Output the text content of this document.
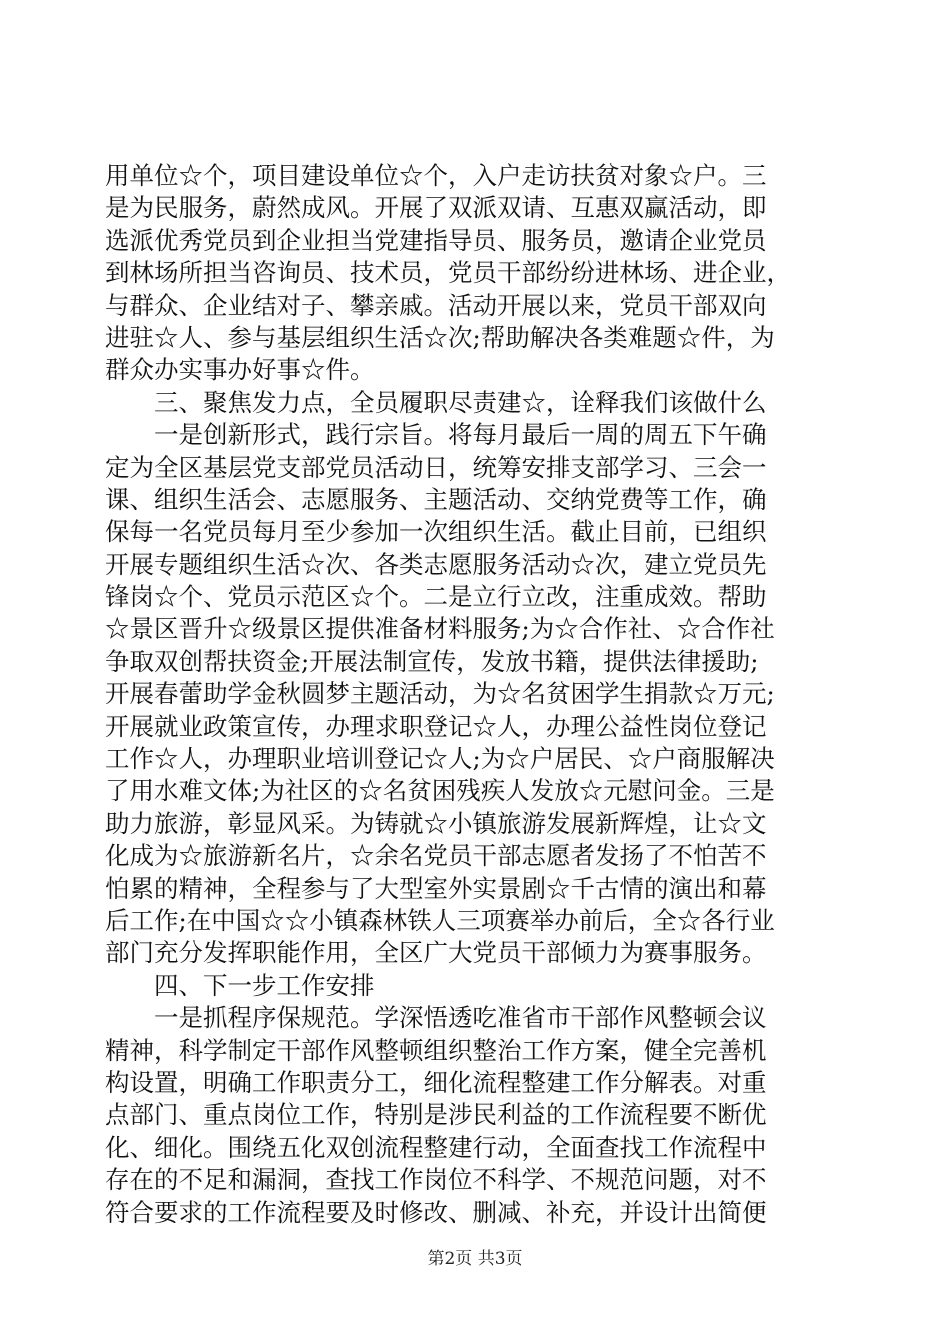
用单位☆个，项目建设单位☆个，入户走访扶贫对象☆户。三
是为民服务，蔚然成风。开展了双派双请、互惠双赢活动，即
选派优秀党员到企业担当党建指导员、服务员，邀请企业党员
到林场所担当咨询员、技术员，党员干部纷纷进林场、进企业，
与群众、企业结对子、攀亲戚。活动开展以来，党员干部双向
进驻☆人、参与基层组织生活☆次;帮助解决各类难题☆件，为
群众办实事办好事☆件。
三、聚焦发力点，全员履职尽责建☆，诠释我们该做什么
一是创新形式，践行宗旨。将每月最后一周的周五下午确
定为全区基层党支部党员活动日，统筹安排支部学习、三会一
课、组织生活会、志愿服务、主题活动、交纳党费等工作，确
保每一名党员每月至少参加一次组织生活。截止目前，已组织
开展专题组织生活☆次、各类志愿服务活动☆次，建立党员先
锋岗☆个、党员示范区☆个。二是立行立改，注重成效。帮助
☆景区晋升☆级景区提供准备材料服务;为☆合作社、☆合作社
争取双创帮扶资金;开展法制宣传，发放书籍，提供法律援助;
开展春蕾助学金秋圆梦主题活动，为☆名贫困学生捐款☆万元;
开展就业政策宣传，办理求职登记☆人，办理公益性岗位登记
工作☆人，办理职业培训登记☆人;为☆户居民、☆户商服解决
了用水难文体;为社区的☆名贫困残疾人发放☆元慰问金。三是
助力旅游，彰显风采。为铸就☆小镇旅游发展新辉煌，让☆文
化成为☆旅游新名片，☆余名党员干部志愿者发扬了不怕苦不
怕累的精神，全程参与了大型室外实景剧☆千古情的演出和幕
后工作;在中国☆☆小镇森林铁人三项赛举办前后，全☆各行业
部门充分发挥职能作用，全区广大党员干部倾力为赛事服务。
四、下一步工作安排
一是抓程序保规范。学深悟透吃准省市干部作风整顿会议
精神，科学制定干部作风整顿组织整治工作方案，健全完善机
构设置，明确工作职责分工，细化流程整建工作分解表。对重
点部门、重点岗位工作，特别是涉民利益的工作流程要不断优
化、细化。围绕五化双创流程整建行动，全面查找工作流程中
存在的不足和漏洞，查找工作岗位不科学、不规范问题，对不
符合要求的工作流程要及时修改、删减、补充，并设计出简便
第2页 共3页
